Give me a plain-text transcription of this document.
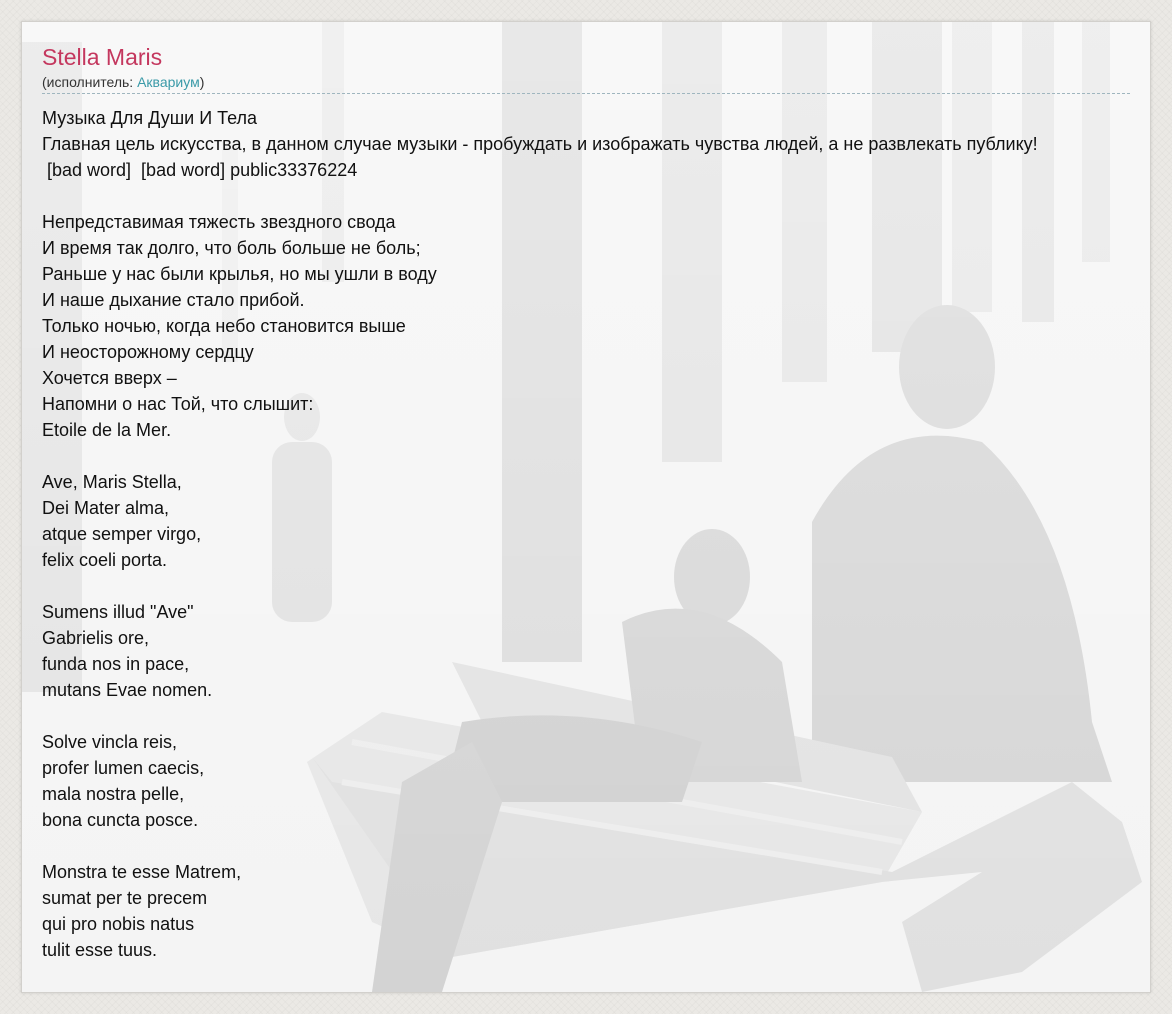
Stella Maris
(исполнитель: Аквариум)
Музыка Для Души И Тела
Главная цель искусства, в данном случае музыки - пробуждать и изображать чувства людей, а не развлекать публику!
[bad word]  [bad word] public33376224
Непредставимая тяжесть звездного свода
И время так долго, что боль больше не боль;
Раньше у нас были крылья, но мы ушли в воду
И наше дыхание стало прибой.
Только ночью, когда небо становится выше
И неосторожному сердцу
Хочется вверх –
Напомни о нас Той, что слышит:
Etoile de la Mer.
Ave, Maris Stella,
Dei Mater alma,
atque semper virgo,
felix coeli porta.
Sumens illud "Ave"
Gabrielis ore,
funda nos in pace,
mutans Evae nomen.
Solve vincla reis,
profer lumen caecis,
mala nostra pelle,
bona cuncta posce.
Monstra te esse Matrem,
sumat per te precem
qui pro nobis natus
tulit esse tuus.
